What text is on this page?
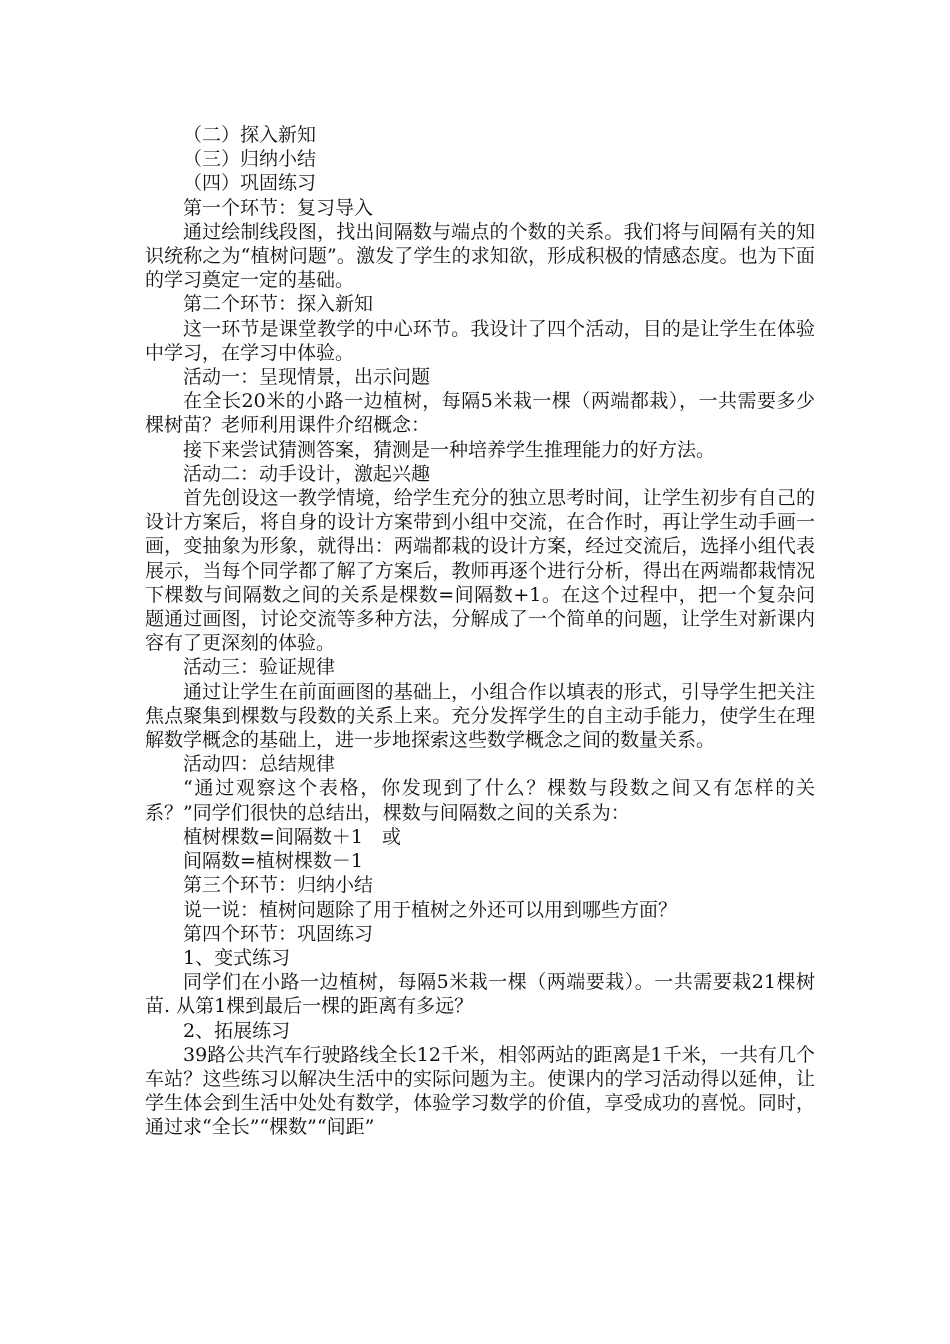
（二）探入新知

（三）归纳小结

（四）巩固练习

第一个环节：复习导入

通过绘制线段图，找出间隔数与端点的个数的关系。我们将与间隔有关的知识统称之为“植树问题”。激发了学生的求知欲，形成积极的情感态度。也为下面的学习奠定一定的基础。

第二个环节：探入新知

这一环节是课堂教学的中心环节。我设计了四个活动，目的是让学生在体验中学习，在学习中体验。

活动一：呈现情景，出示问题

在全长20米的小路一边植树，每隔5米栽一棵（两端都栽），一共需要多少棵树苗？老师利用课件介绍概念：

接下来尝试猜测答案，猜测是一种培养学生推理能力的好方法。

活动二：动手设计，激起兴趣

首先创设这一教学情境，给学生充分的独立思考时间，让学生初步有自己的设计方案后，将自身的设计方案带到小组中交流，在合作时，再让学生动手画一画，变抽象为形象，就得出：两端都栽的设计方案，经过交流后，选择小组代表展示，当每个同学都了解了方案后，教师再逐个进行分析，得出在两端都栽情况下棵数与间隔数之间的关系是棵数=间隔数+1。在这个过程中，把一个复杂问题通过画图，讨论交流等多种方法，分解成了一个简单的问题，让学生对新课内容有了更深刻的体验。

活动三：验证规律

通过让学生在前面画图的基础上，小组合作以填表的形式，引导学生把关注焦点聚集到棵数与段数的关系上来。充分发挥学生的自主动手能力，使学生在理解数学概念的基础上，进一步地探索这些数学概念之间的数量关系。

活动四：总结规律

“通过观察这个表格，你发现到了什么？棵数与段数之间又有怎样的关系？”同学们很快的总结出，棵数与间隔数之间的关系为：

植树棵数=间隔数＋1　或

间隔数=植树棵数－1

第三个环节：归纳小结

说一说：植树问题除了用于植树之外还可以用到哪些方面？

第四个环节：巩固练习

1、变式练习

同学们在小路一边植树，每隔5米栽一棵（两端要栽）。一共需要栽21棵树苗. 从第1棵到最后一棵的距离有多远？

2、拓展练习

39路公共汽车行驶路线全长12千米，相邻两站的距离是1千米，一共有几个车站？这些练习以解决生活中的实际问题为主。使课内的学习活动得以延伸，让学生体会到生活中处处有数学，体验学习数学的价值，享受成功的喜悦。同时，通过求“全长”“棵数”“间距”
